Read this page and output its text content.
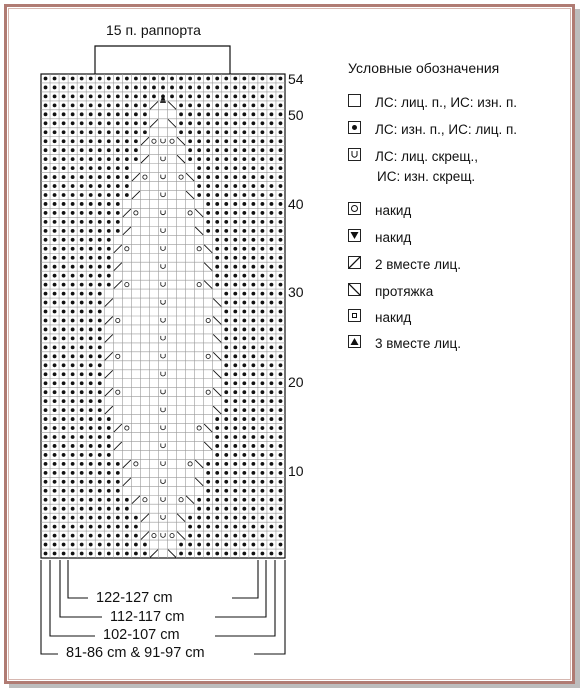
15 п. раппорта
54
50
40
30
20
10
122-127 cm
112-117 cm
102-107 cm
81-86 cm & 91-97 cm
Условные обозначения
ЛС: лиц. п., ИС: изн. п.
ЛС: изн. п., ИС: лиц. п.
ЛС: лиц. скрещ.,
ИС: изн. скрещ.
накид
накид
2 вместе лиц.
протяжка
накид
3 вместе лиц.
